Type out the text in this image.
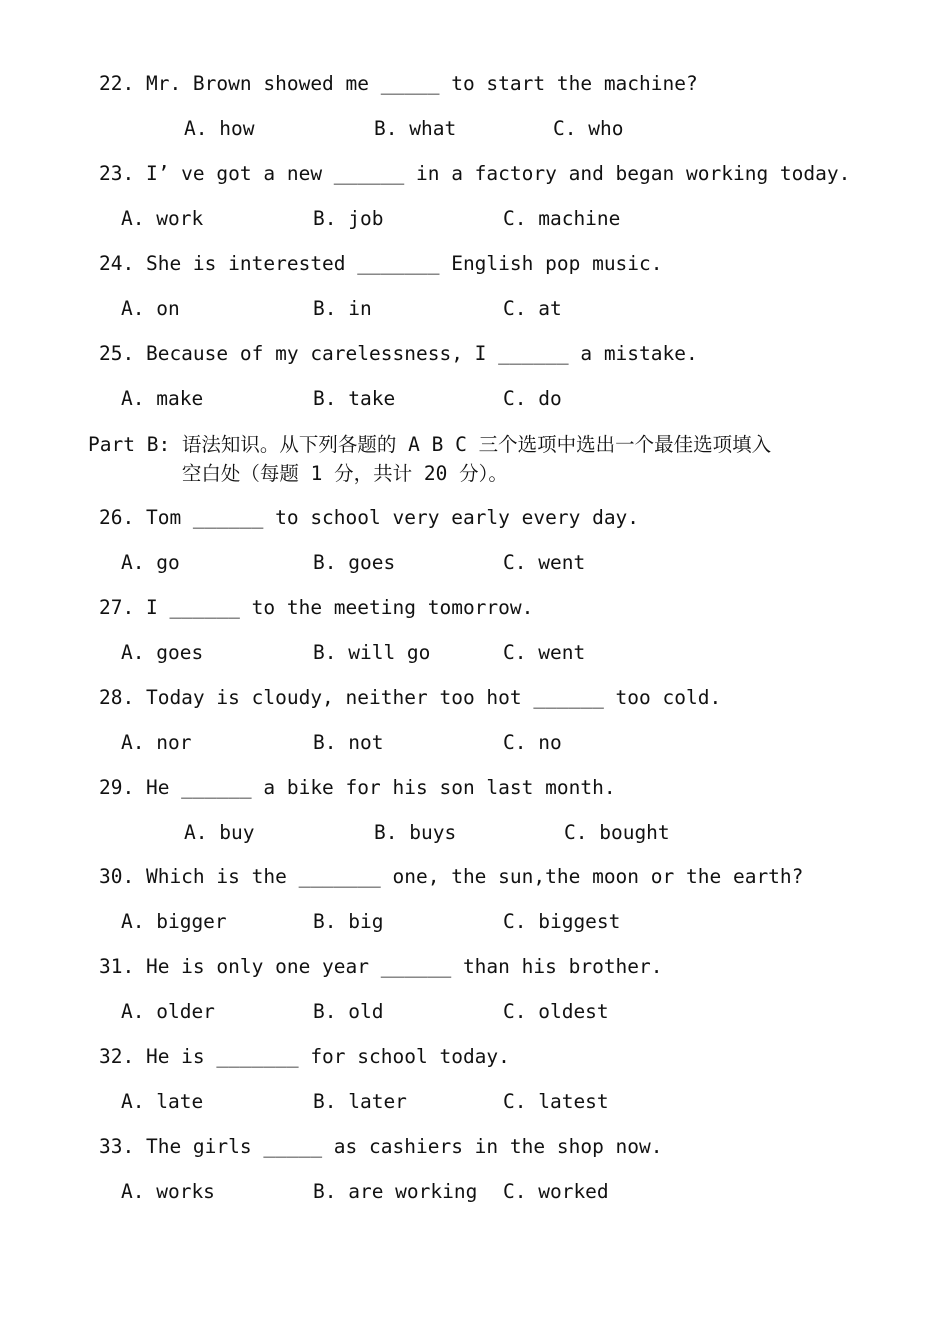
22. Mr. Brown showed me _____ to start the machine?
A. how	B. what	C. who
23. I’ ve got a new ______ in a factory and began working today.
A. work	B. job	C. machine
24. She is interested _______ English pop music.
A. on	B. in	C. at
25. Because of my carelessness, I ______ a mistake.
A. make	B. take	C. do
Part B: 语法知识。从下列各题的 A B C 三个选项中选出一个最佳选项填入
空白处（每题 1 分，共计 20 分）。
26. Tom ______ to school very early every day.
A. go	B. goes	C. went
27. I ______ to the meeting tomorrow.
A. goes	B. will go	C. went
28. Today is cloudy, neither too hot ______ too cold.
A. nor	B. not	C. no
29. He ______ a bike for his son last month.
A. buy	B. buys	C. bought
30. Which is the _______ one, the sun,the moon or the earth?
A. bigger	B. big	C. biggest
31. He is only one year ______ than his brother.
A. older	B. old	C. oldest
32. He is _______ for school today.
A. late	B. later	C. latest
33. The girls _____ as cashiers in the shop now.
A. works	B. are working C. worked
